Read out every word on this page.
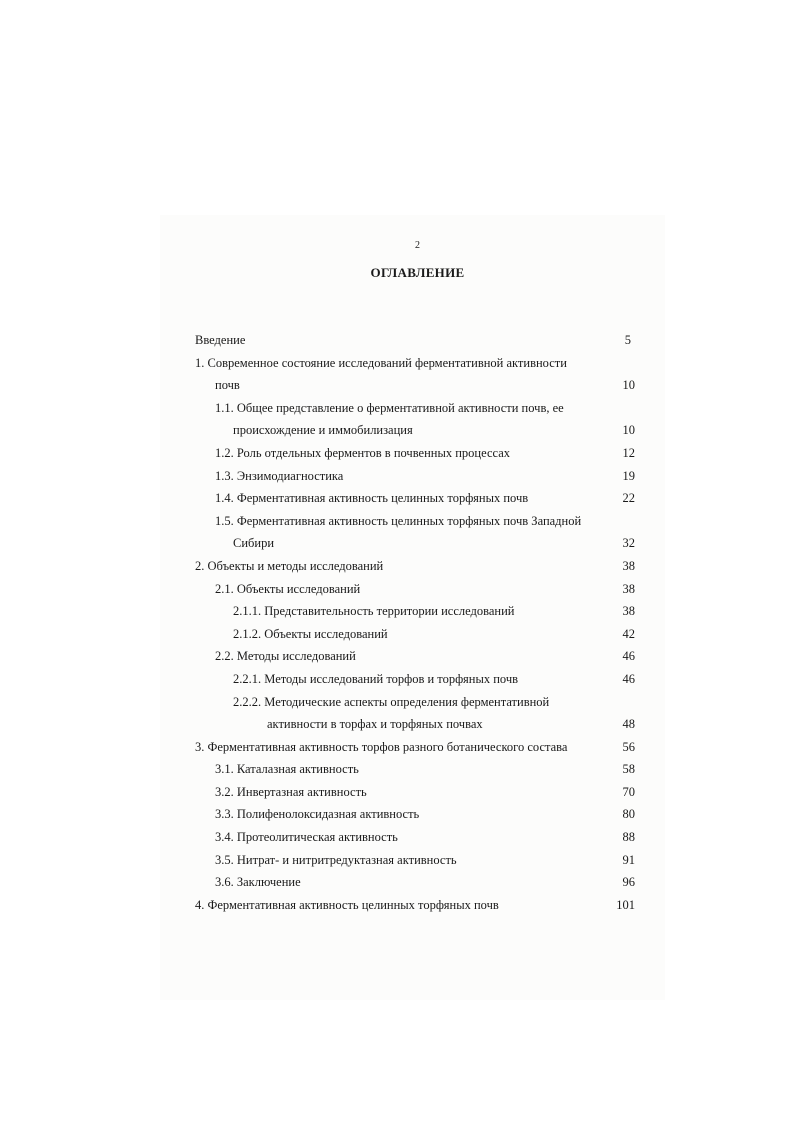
2
ОГЛАВЛЕНИЕ
Введение	5
1. Современное состояние исследований ферментативной активности
почв	10
1.1. Общее представление о ферментативной активности почв, ее
происхождение и иммобилизация	10
1.2. Роль отдельных ферментов в почвенных процессах	12
1.3. Энзимодиагностика	19
1.4. Ферментативная активность целинных торфяных почв	22
1.5. Ферментативная активность целинных торфяных почв Западной
Сибири	32
2. Объекты и методы исследований	38
2.1. Объекты исследований	38
2.1.1. Представительность территории исследований	38
2.1.2. Объекты исследований	42
2.2. Методы исследований	46
2.2.1. Методы исследований торфов и торфяных почв	46
2.2.2. Методические аспекты определения ферментативной
активности в торфах и торфяных почвах	48
3. Ферментативная активность торфов разного ботанического состава	56
3.1. Каталазная активность	58
3.2. Инвертазная активность	70
3.3. Полифенолоксидазная активность	80
3.4. Протеолитическая активность	88
3.5. Нитрат- и нитритредуктазная активность	91
3.6. Заключение	96
4. Ферментативная активность целинных торфяных почв	101
